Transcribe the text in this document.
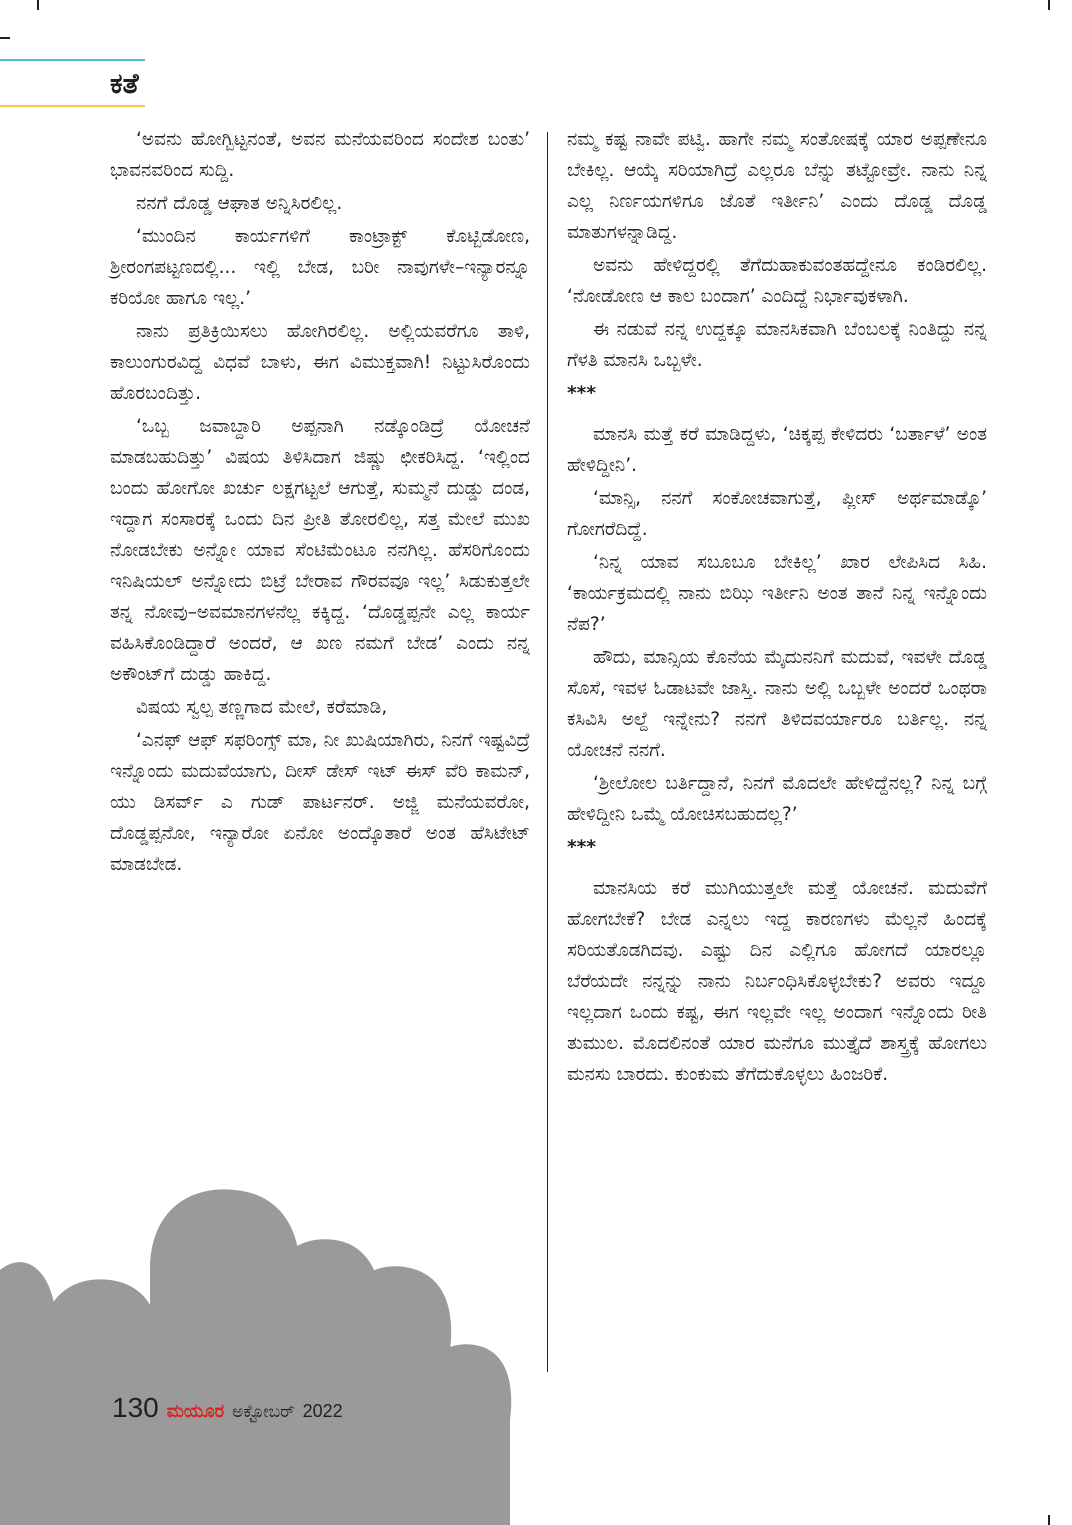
ಕತೆ

‘ಅವನು ಹೋಗ್ಬಿಟ್ಟನಂತೆ, ಅವನ ಮನೆಯವರಿಂದ ಸಂದೇಶ ಬಂತು’ ಭಾವನವರಿಂದ ಸುದ್ದಿ.

ನನಗೆ ದೊಡ್ಡ ಆಘಾತ ಅನ್ನಿಸಿರಲಿಲ್ಲ.

‘ಮುಂದಿನ ಕಾರ್ಯಗಳಿಗೆ ಕಾಂಟ್ರಾಕ್ಟ್ ಕೊಟ್ಬಿಡೋಣ, ಶ್ರೀರಂಗಪಟ್ಟಣದಲ್ಲಿ... ಇಲ್ಲಿ ಬೇಡ, ಬರೀ ನಾವುಗಳೇ–ಇನ್ಯಾರನ್ನೂ ಕರಿಯೋ ಹಾಗೂ ಇಲ್ಲ.’

ನಾನು ಪ್ರತಿಕ್ರಿಯಿಸಲು ಹೋಗಿರಲಿಲ್ಲ. ಅಲ್ಲಿಯವರೆಗೂ ತಾಳಿ, ಕಾಲುಂಗುರವಿದ್ದ ವಿಧವೆ ಬಾಳು, ಈಗ ವಿಮುಕ್ತವಾಗಿ! ನಿಟ್ಟುಸಿರೊಂದು ಹೊರಬಂದಿತ್ತು.

‘ಒಬ್ಬ ಜವಾಬ್ದಾರಿ ಅಪ್ಪನಾಗಿ ನಡ್ಕೊಂಡಿದ್ರೆ ಯೋಚನೆ ಮಾಡಬಹುದಿತ್ತು’ ವಿಷಯ ತಿಳಿಸಿದಾಗ ಜಿಷ್ಣು ಛೀಕರಿಸಿದ್ದ. ‘ಇಲ್ಲಿಂದ ಬಂದು ಹೋಗೋ ಖರ್ಚು ಲಕ್ಷಗಟ್ಟಲೆ ಆಗುತ್ತೆ, ಸುಮ್ಮನೆ ದುಡ್ಡು ದಂಡ, ಇದ್ದಾಗ ಸಂಸಾರಕ್ಕೆ ಒಂದು ದಿನ ಪ್ರೀತಿ ತೋರಲಿಲ್ಲ, ಸತ್ತ ಮೇಲೆ ಮುಖ ನೋಡಬೇಕು ಅನ್ನೋ ಯಾವ ಸೆಂಟಿಮೆಂಟೂ ನನಗಿಲ್ಲ. ಹೆಸರಿಗೊಂದು ಇನಿಷಿಯಲ್ ಅನ್ನೋದು ಬಿಟ್ರೆ ಬೇರಾವ ಗೌರವವೂ ಇಲ್ಲ’ ಸಿಡುಕುತ್ತಲೇ ತನ್ನ ನೋವು–ಅವಮಾನಗಳನೆಲ್ಲ ಕಕ್ಕಿದ್ದ. ‘ದೊಡ್ಡಪ್ಪನೇ ಎಲ್ಲ ಕಾರ್ಯ ವಹಿಸಿಕೊಂಡಿದ್ದಾರೆ ಅಂದರೆ, ಆ ಖಣ ನಮಗೆ ಬೇಡ’ ಎಂದು ನನ್ನ ಅಕೌಂಟ್‌ಗೆ ದುಡ್ಡು ಹಾಕಿದ್ದ.

ವಿಷಯ ಸ್ವಲ್ಪ ತಣ್ಣಗಾದ ಮೇಲೆ, ಕರೆಮಾಡಿ,

‘ಎನಫ್ ಆಫ್ ಸಫರಿಂಗ್ಸ್ ಮಾ, ನೀ ಖುಷಿಯಾಗಿರು, ನಿನಗೆ ಇಷ್ಟವಿದ್ರೆ ಇನ್ನೊಂದು ಮದುವೆಯಾಗು, ದೀಸ್ ಡೇಸ್ ಇಟ್ ಈಸ್ ವೆರಿ ಕಾಮನ್, ಯು ಡಿಸರ್ವ್ ಎ ಗುಡ್ ಪಾರ್ಟನರ್. ಅಜ್ಜಿ ಮನೆಯವರೋ, ದೊಡ್ಡಪ್ಪನೋ, ಇನ್ಯಾರೋ ಏನೋ ಅಂದ್ಕೊತಾರೆ ಅಂತ ಹೆಸಿಟೇಟ್ ಮಾಡಬೇಡ.

ನಮ್ಮ ಕಷ್ಟ ನಾವೇ ಪಟ್ವಿ. ಹಾಗೇ ನಮ್ಮ ಸಂತೋಷಕ್ಕೆ ಯಾರ ಅಪ್ಪಣೇನೂ ಬೇಕಿಲ್ಲ. ಆಯ್ಕೆ ಸರಿಯಾಗಿದ್ರೆ ಎಲ್ಲರೂ ಬೆನ್ನು ತಟ್ಟೋವ್ರೇ. ನಾನು ನಿನ್ನ ಎಲ್ಲ ನಿರ್ಣಯಗಳಿಗೂ ಜೊತೆ ಇರ್ತೀನಿ’ ಎಂದು ದೊಡ್ಡ ದೊಡ್ಡ ಮಾತುಗಳನ್ನಾಡಿದ್ದ.

ಅವನು ಹೇಳಿದ್ದರಲ್ಲಿ ತೆಗೆದುಹಾಕುವಂತಹದ್ದೇನೂ ಕಂಡಿರಲಿಲ್ಲ. ‘ನೋಡೋಣ ಆ ಕಾಲ ಬಂದಾಗ’ ಎಂದಿದ್ದೆ ನಿರ್ಭಾವುಕಳಾಗಿ.

ಈ ನಡುವೆ ನನ್ನ ಉದ್ದಕ್ಕೂ ಮಾನಸಿಕವಾಗಿ ಬೆಂಬಲಕ್ಕೆ ನಿಂತಿದ್ದು ನನ್ನ ಗೆಳತಿ ಮಾನಸಿ ಒಬ್ಬಳೇ.

***

ಮಾನಸಿ ಮತ್ತೆ ಕರೆ ಮಾಡಿದ್ದಳು, ‘ಚಿಕ್ಕಪ್ಪ ಕೇಳಿದರು ‘ಬರ್ತಾಳೆ’ ಅಂತ ಹೇಳಿದ್ದೀನಿ’.

‘ಮಾನ್ಸಿ, ನನಗೆ ಸಂಕೋಚವಾಗುತ್ತೆ, ಪ್ಲೀಸ್ ಅರ್ಥಮಾಡ್ಕೊ’ ಗೋಗರೆದಿದ್ದೆ.

‘ನಿನ್ನ ಯಾವ ಸಬೂಬೂ ಬೇಕಿಲ್ಲ’ ಖಾರ ಲೇಪಿಸಿದ ಸಿಹಿ. ‘ಕಾರ್ಯಕ್ರಮದಲ್ಲಿ ನಾನು ಬಿಝಿ ಇರ್ತೀನಿ ಅಂತ ತಾನೆ ನಿನ್ನ ಇನ್ನೊಂದು ನೆಪ?’

ಹೌದು, ಮಾನ್ಸಿಯ ಕೊನೆಯ ಮೈದುನನಿಗೆ ಮದುವೆ, ಇವಳೇ ದೊಡ್ಡ ಸೊಸೆ, ಇವಳ ಓಡಾಟವೇ ಜಾಸ್ತಿ. ನಾನು ಅಲ್ಲಿ ಒಬ್ಬಳೇ ಅಂದರೆ ಒಂಥರಾ ಕಸಿವಿಸಿ ಅಲ್ದೆ ಇನ್ನೇನು? ನನಗೆ ತಿಳಿದವರ್ಯಾರೂ ಬರ್ತಿಲ್ಲ. ನನ್ನ ಯೋಚನೆ ನನಗೆ.

‘ಶ್ರೀಲೋಲ ಬರ್ತಿದ್ದಾನೆ, ನಿನಗೆ ಮೊದಲೇ ಹೇಳಿದ್ದೆನಲ್ಲ? ನಿನ್ನ ಬಗ್ಗೆ ಹೇಳಿದ್ದೀನಿ ಒಮ್ಮೆ ಯೋಚಿಸಬಹುದಲ್ಲ?’

***

ಮಾನಸಿಯ ಕರೆ ಮುಗಿಯುತ್ತಲೇ ಮತ್ತೆ ಯೋಚನೆ. ಮದುವೆಗೆ ಹೋಗಬೇಕೆ? ಬೇಡ ಎನ್ನಲು ಇದ್ದ ಕಾರಣಗಳು ಮೆಲ್ಲನೆ ಹಿಂದಕ್ಕೆ ಸರಿಯತೊಡಗಿದವು. ಎಷ್ಟು ದಿನ ಎಲ್ಲಿಗೂ ಹೋಗದೆ ಯಾರಲ್ಲೂ ಬೆರೆಯದೇ ನನ್ನನ್ನು ನಾನು ನಿರ್ಬಂಧಿಸಿಕೊಳ್ಳಬೇಕು? ಅವರು ಇದ್ದೂ ಇಲ್ಲದಾಗ ಒಂದು ಕಷ್ಟ, ಈಗ ಇಲ್ಲವೇ ಇಲ್ಲ ಅಂದಾಗ ಇನ್ನೊಂದು ರೀತಿ ತುಮುಲ. ಮೊದಲಿನಂತೆ ಯಾರ ಮನೆಗೂ ಮುತ್ತೈದೆ ಶಾಸ್ತ್ರಕ್ಕೆ ಹೋಗಲು ಮನಸು ಬಾರದು. ಕುಂಕುಮ ತೆಗೆದುಕೊಳ್ಳಲು ಹಿಂಜರಿಕೆ.

130 ಮಯೂರ ಅಕ್ಟೋಬರ್ 2022
